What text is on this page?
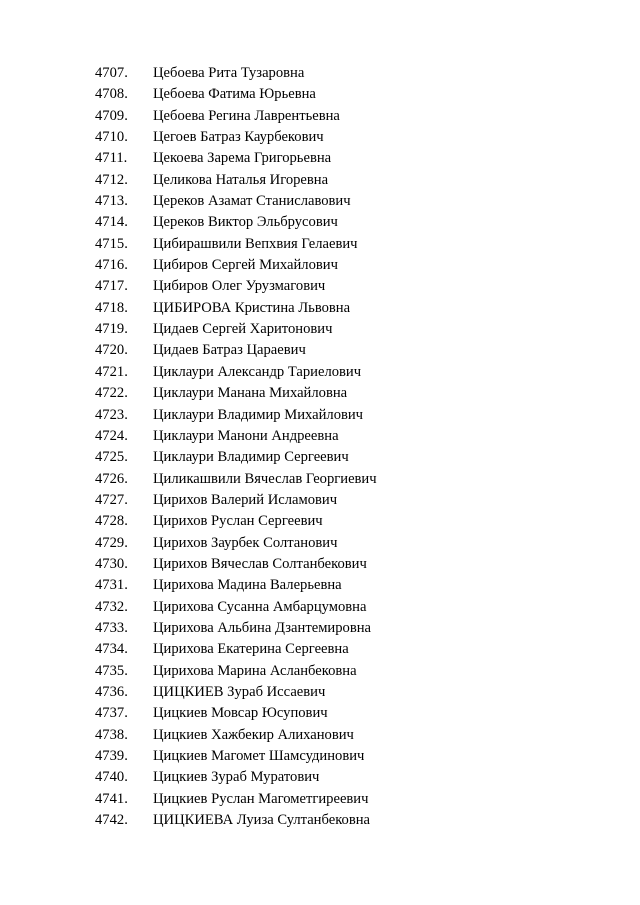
4707.	Цебоева Рита Тузаровна
4708.	Цебоева Фатима Юрьевна
4709.	Цебоева Регина Лаврентьевна
4710.	Цегоев Батраз Каурбекович
4711.	Цекоева Зарема Григорьевна
4712.	Целикова Наталья Игоревна
4713.	Цереков Азамат Станиславович
4714.	Цереков Виктор Эльбрусович
4715.	Цибирашвили Вепхвия Гелаевич
4716.	Цибиров Сергей Михайлович
4717.	Цибиров Олег Урузмагович
4718.	ЦИБИРОВА Кристина Львовна
4719.	Цидаев Сергей Харитонович
4720.	Цидаев Батраз Цараевич
4721.	Циклаури Александр Тариелович
4722.	Циклаури Манана Михайловна
4723.	Циклаури Владимир Михайлович
4724.	Циклаури Манони Андреевна
4725.	Циклаури Владимир Сергеевич
4726.	Циликашвили Вячеслав Георгиевич
4727.	Цирихов Валерий Исламович
4728.	Цирихов Руслан Сергеевич
4729.	Цирихов Заурбек Солтанович
4730.	Цирихов Вячеслав Солтанбекович
4731.	Цирихова Мадина Валерьевна
4732.	Цирихова Сусанна Амбарцумовна
4733.	Цирихова Альбина Дзантемировна
4734.	Цирихова Екатерина Сергеевна
4735.	Цирихова Марина Асланбековна
4736.	ЦИЦКИЕВ Зураб Иссаевич
4737.	Цицкиев Мовсар Юсупович
4738.	Цицкиев Хажбекир Алиханович
4739.	Цицкиев Магомет Шамсудинович
4740.	Цицкиев Зураб Муратович
4741.	Цицкиев Руслан Магометгиреевич
4742.	ЦИЦКИЕВА Луиза Султанбековна
